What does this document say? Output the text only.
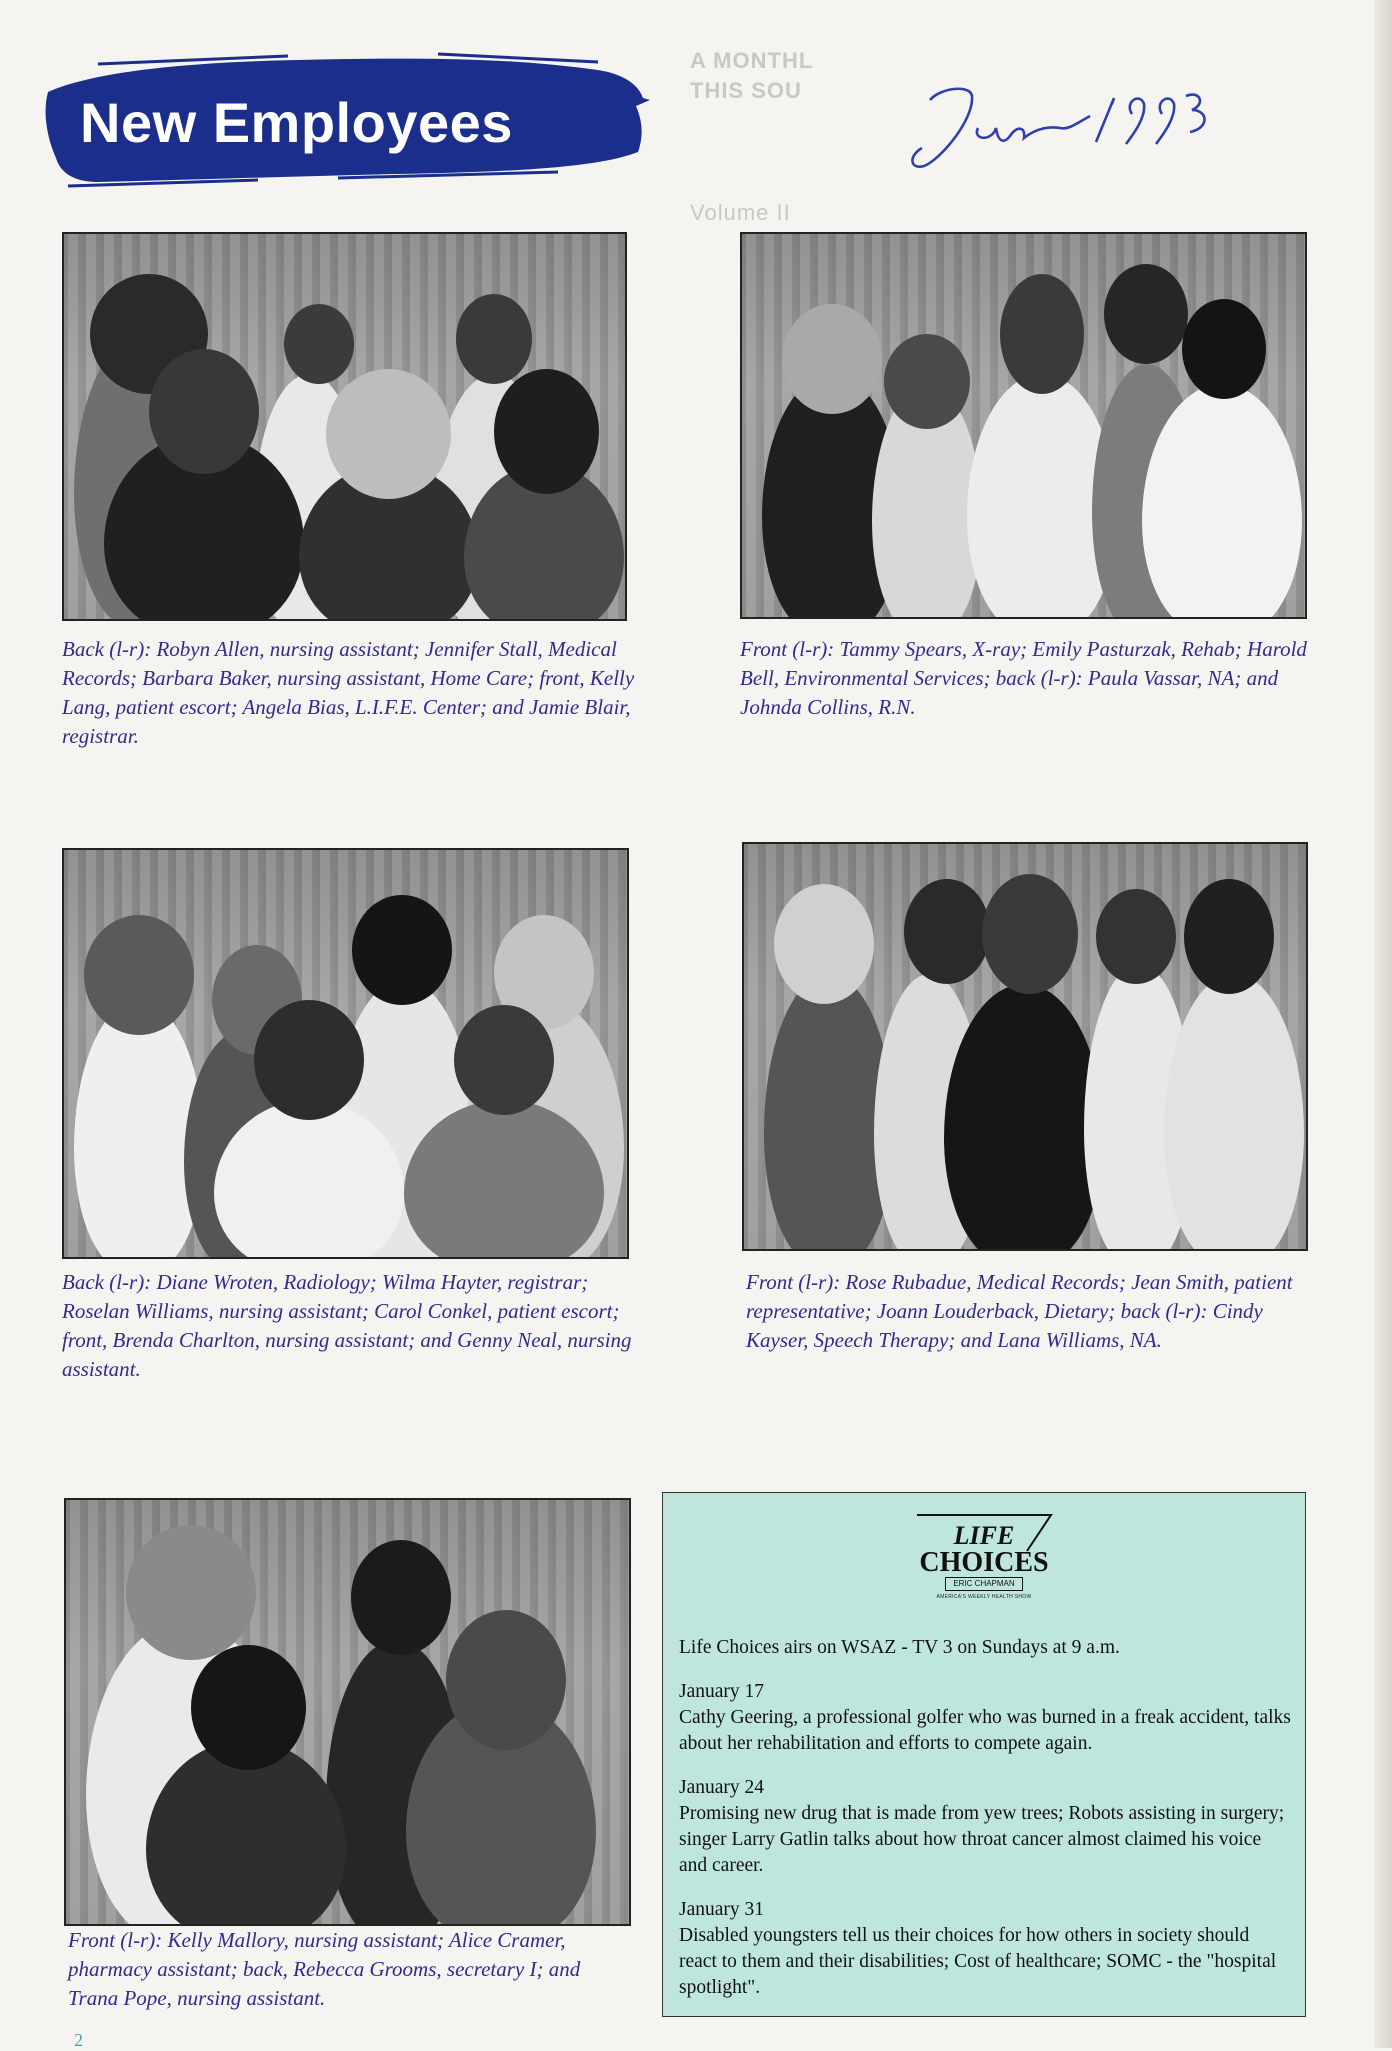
A MONTHL
THIS SOU
Volume II
New Employees

Back (l-r): Robyn Allen, nursing assistant; Jennifer Stall, Medical Records; Barbara Baker, nursing assistant, Home Care; front, Kelly Lang, patient escort; Angela Bias, L.I.F.E. Center; and Jamie Blair, registrar.

Front (l-r): Tammy Spears, X-ray; Emily Pasturzak, Rehab; Harold Bell, Environmental Services; back (l-r): Paula Vassar, NA; and Johnda Collins, R.N.

Back (l-r): Diane Wroten, Radiology; Wilma Hayter, registrar; Roselan Williams, nursing assistant; Carol Conkel, patient escort; front, Brenda Charlton, nursing assistant; and Genny Neal, nursing assistant.

Front (l-r): Rose Rubadue, Medical Records; Jean Smith, patient representative; Joann Louderback, Dietary; back (l-r): Cindy Kayser, Speech Therapy; and Lana Williams, NA.

Front (l-r): Kelly Mallory, nursing assistant; Alice Cramer, pharmacy assistant; back, Rebecca Grooms, secretary I; and Trana Pope, nursing assistant.

LIFE
CHOICES
ERIC CHAPMAN
AMERICA'S WEEKLY HEALTH SHOW
Life Choices airs on WSAZ - TV 3 on Sundays at 9 a.m.
January 17
Cathy Geering, a professional golfer who was burned in a freak accident, talks about her rehabilitation and efforts to compete again.
January 24
Promising new drug that is made from yew trees; Robots assisting in surgery; singer Larry Gatlin talks about how throat cancer almost claimed his voice and career.
January 31
Disabled youngsters tell us their choices for how others in society should react to them and their disabilities; Cost of healthcare; SOMC - the "hospital spotlight".
2
